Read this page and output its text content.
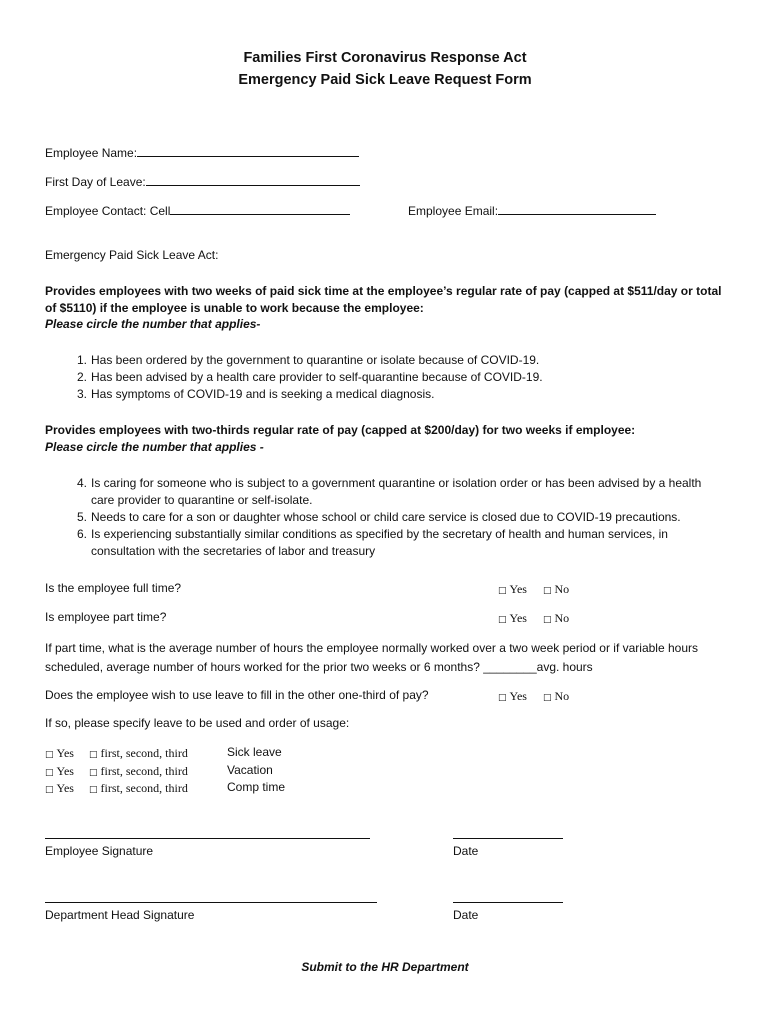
Families First Coronavirus Response Act
Emergency Paid Sick Leave Request Form
Employee Name:
First Day of Leave:
Employee Contact: Cell	Employee Email:
Emergency Paid Sick Leave Act:
Provides employees with two weeks of paid sick time at the employee’s regular rate of pay (capped at $511/day or total of $5110) if the employee is unable to work because the employee:
Please circle the number that applies-
1. Has been ordered by the government to quarantine or isolate because of COVID-19.
2. Has been advised by a health care provider to self-quarantine because of COVID-19.
3. Has symptoms of COVID-19 and is seeking a medical diagnosis.
Provides employees with two-thirds regular rate of pay (capped at $200/day) for two weeks if employee:
Please circle the number that applies -
4. Is caring for someone who is subject to a government quarantine or isolation order or has been advised by a health care provider to quarantine or self-isolate.
5. Needs to care for a son or daughter whose school or child care service is closed due to COVID-19 precautions.
6. Is experiencing substantially similar conditions as specified by the secretary of health and human services, in consultation with the secretaries of labor and treasury
Is the employee full time?	□ Yes □ No
Is employee part time?	□ Yes □ No
If part time, what is the average number of hours the employee normally worked over a two week period or if variable hours scheduled, average number of hours worked for the prior two weeks or 6 months? ________avg. hours
Does the employee wish to use leave to fill in the other one-third of pay?	□ Yes □ No
If so, please specify leave to be used and order of usage:
□ Yes □ first, second, third	Sick leave
□ Yes □ first, second, third	Vacation
□ Yes □ first, second, third	Comp time
Employee Signature	Date
Department Head Signature	Date
Submit to the HR Department
